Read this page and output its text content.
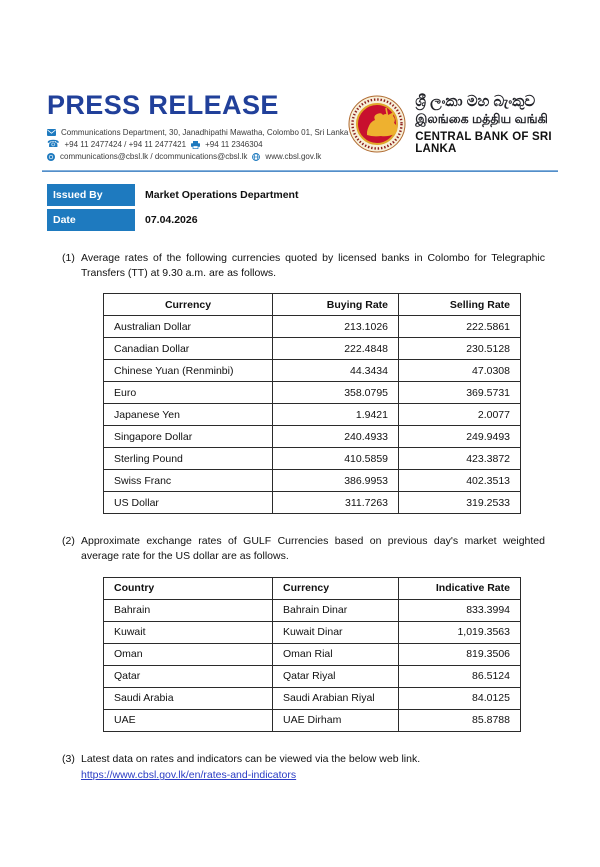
PRESS RELEASE
Communications Department, 30, Janadhipathi Mawatha, Colombo 01, Sri Lanka
☎ +94 11 2477424 / +94 11 2477421 +94 11 2346304
communications@cbsl.lk / dcommunications@cbsl.lk www.cbsl.gov.lk
ශ්‍රී ලංකා මහ බැංකුව
இலங்கை மத்திய வங்கி
CENTRAL BANK OF SRI LANKA
Issued By	Market Operations Department
Date	07.04.2026
(1) Average rates of the following currencies quoted by licensed banks in Colombo for Telegraphic Transfers (TT) at 9.30 a.m. are as follows.
Currency	Buying Rate	Selling Rate
Australian Dollar	213.1026	222.5861
Canadian Dollar	222.4848	230.5128
Chinese Yuan (Renminbi)	44.3434	47.0308
Euro	358.0795	369.5731
Japanese Yen	1.9421	2.0077
Singapore Dollar	240.4933	249.9493
Sterling Pound	410.5859	423.3872
Swiss Franc	386.9953	402.3513
US Dollar	311.7263	319.2533
(2) Approximate exchange rates of GULF Currencies based on previous day's market weighted average rate for the US dollar are as follows.
Country	Currency	Indicative Rate
Bahrain	Bahrain Dinar	833.3994
Kuwait	Kuwait Dinar	1,019.3563
Oman	Oman Rial	819.3506
Qatar	Qatar Riyal	86.5124
Saudi Arabia	Saudi Arabian Riyal	84.0125
UAE	UAE Dirham	85.8788
(3) Latest data on rates and indicators can be viewed via the below web link.
https://www.cbsl.gov.lk/en/rates-and-indicators
